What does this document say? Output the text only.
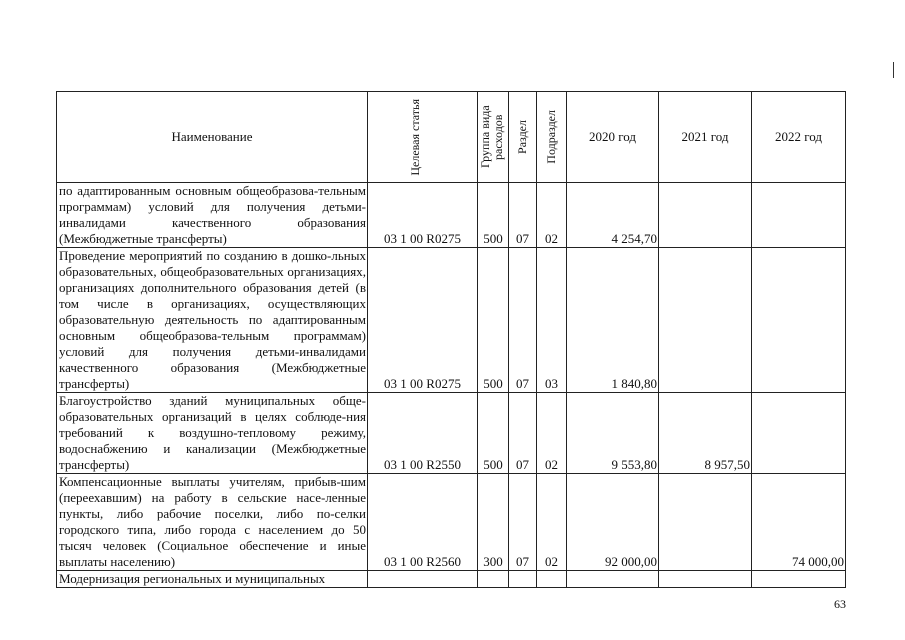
Наименование	Целевая статья	Группа вида расходов	Раздел	Подраздел	2020 год	2021 год	2022 год

по адаптированным основным общеобразова-тельным программам) условий для получения детьми-инвалидами качественного образования (Межбюджетные трансферты)	03 1 00 R0275	500	07	02	4 254,70		

Проведение мероприятий по созданию в дошко-льных образовательных, общеобразовательных организациях, организациях дополнительного образования детей (в том числе в организациях, осуществляющих образовательную деятельность по адаптированным основным общеобразова-тельным программам) условий для получения детьми-инвалидами качественного образования (Межбюджетные трансферты)	03 1 00 R0275	500	07	03	1 840,80		

Благоустройство зданий муниципальных обще-образовательных организаций в целях соблюде-ния требований к воздушно-тепловому режиму, водоснабжению и канализации (Межбюджетные трансферты)	03 1 00 R2550	500	07	02	9 553,80	8 957,50	

Компенсационные выплаты учителям, прибыв-шим (переехавшим) на работу в сельские насе-ленные пункты, либо рабочие поселки, либо по-селки городского типа, либо города с населением до 50 тысяч человек (Социальное обеспечение и иные выплаты населению)	03 1 00 R2560	300	07	02	92 000,00		74 000,00

Модернизация региональных и муниципальных							

63
